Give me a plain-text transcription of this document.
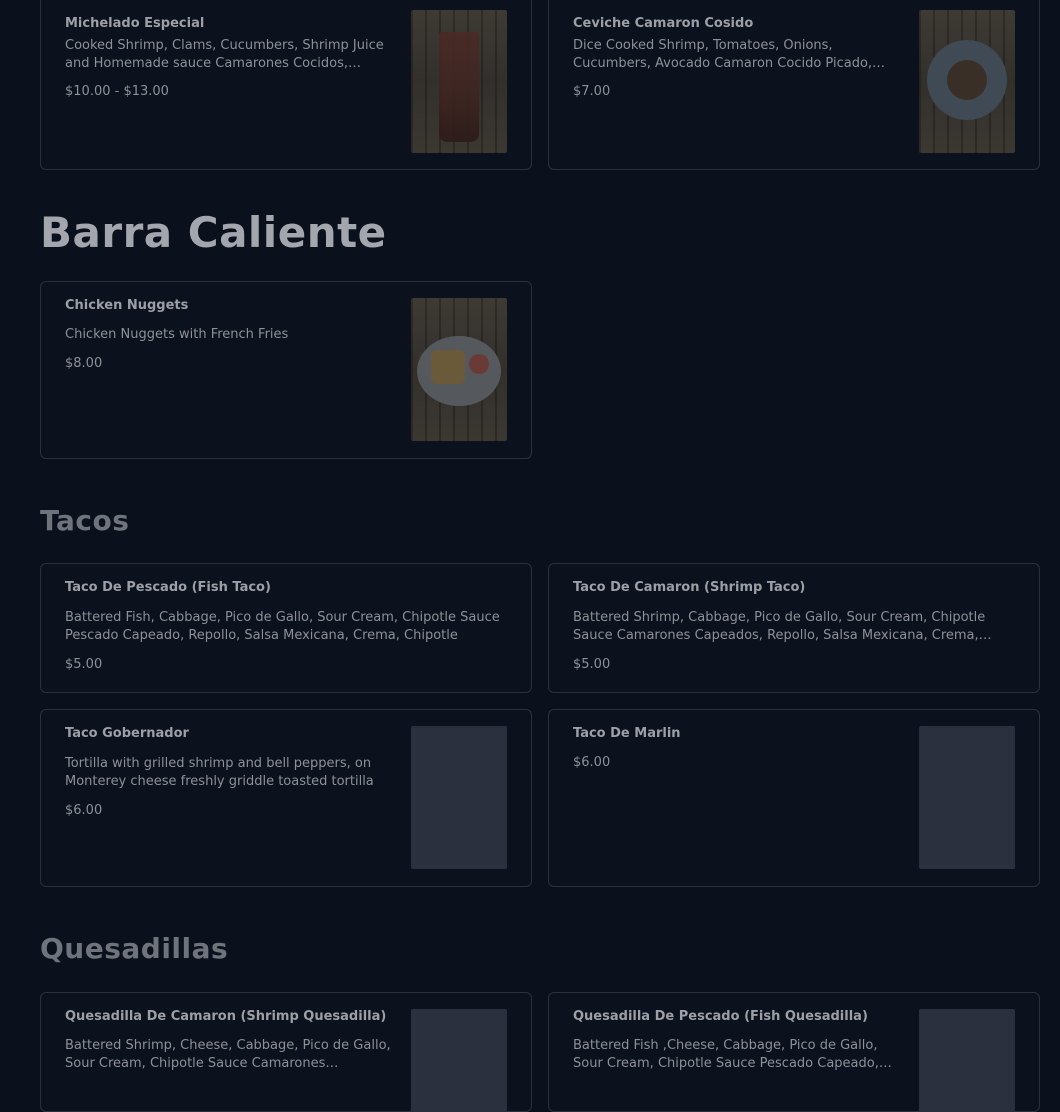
Michelado Especial
Cooked Shrimp, Clams, Cucumbers, Shrimp Juice and Homemade sauce Camarones Cocidos,
$10.00 - $13.00
Ceviche Camaron Cosido
Dice Cooked Shrimp, Tomatoes, Onions, Cucumbers, Avocado Camaron Cocido Picado,
$7.00
Barra Caliente
Chicken Nuggets
Chicken Nuggets with French Fries
$8.00
Tacos
Taco De Pescado (Fish Taco)
Battered Fish, Cabbage, Pico de Gallo, Sour Cream, Chipotle Sauce Pescado Capeado, Repollo, Salsa Mexicana, Crema, Chipotle
$5.00
Taco De Camaron (Shrimp Taco)
Battered Shrimp, Cabbage, Pico de Gallo, Sour Cream, Chipotle Sauce Camarones Capeados, Repollo, Salsa Mexicana, Crema,
$5.00
Taco Gobernador
Tortilla with grilled shrimp and bell peppers, on Monterey cheese freshly griddle toasted tortilla
$6.00
Taco De Marlin
$6.00
Quesadillas
Quesadilla De Camaron (Shrimp Quesadilla)
Battered Shrimp, Cheese, Cabbage, Pico de Gallo, Sour Cream, Chipotle Sauce Camarones
Quesadilla De Pescado (Fish Quesadilla)
Battered Fish ,Cheese, Cabbage, Pico de Gallo, Sour Cream, Chipotle Sauce Pescado Capeado,
